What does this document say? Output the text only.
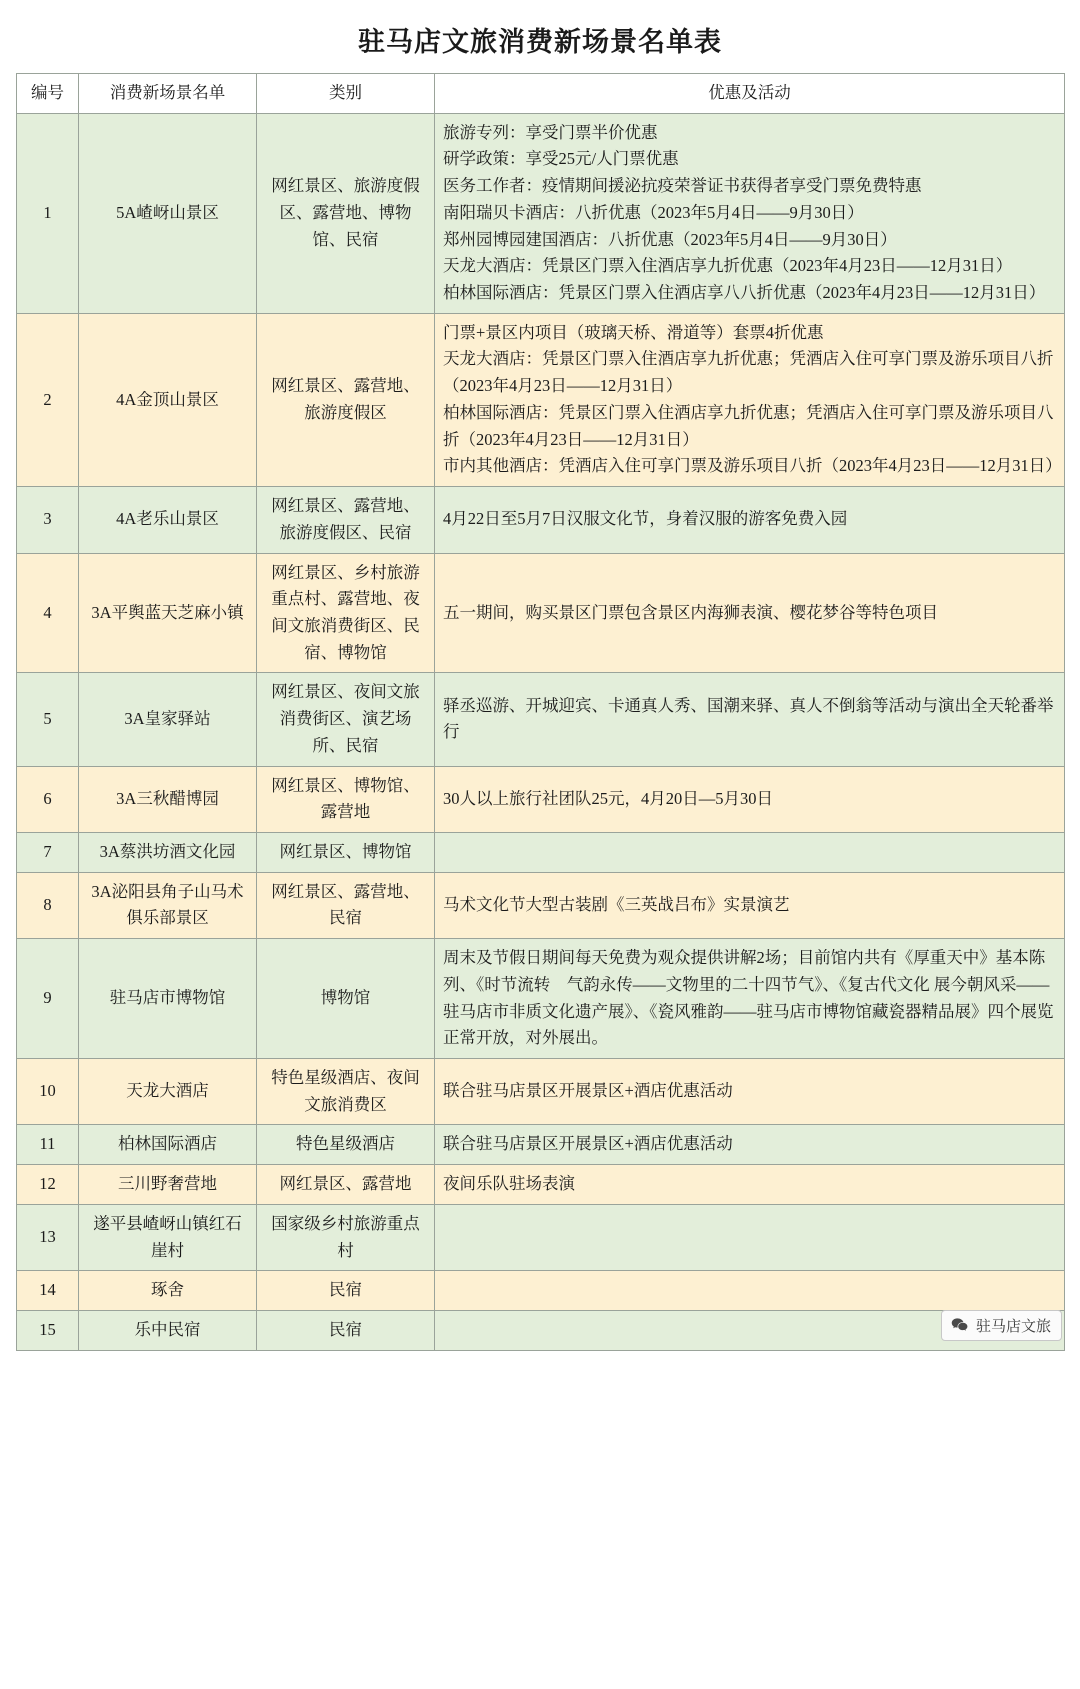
驻马店文旅消费新场景名单表
编号	消费新场景名单	类别	优惠及活动
1	5A嵖岈山景区	网红景区、旅游度假区、露营地、博物馆、民宿	
旅游专列：享受门票半价优惠
研学政策：享受25元/人门票优惠
医务工作者：疫情期间援泌抗疫荣誉证书获得者享受门票免费特惠
南阳瑞贝卡酒店：八折优惠（2023年5月4日——9月30日）
郑州园博园建国酒店：八折优惠（2023年5月4日——9月30日）
天龙大酒店：凭景区门票入住酒店享九折优惠（2023年4月23日——12月31日）
柏林国际酒店：凭景区门票入住酒店享八八折优惠（2023年4月23日——12月31日）

2	4A金顶山景区	网红景区、露营地、旅游度假区	门票+景区内项目（玻璃天桥、滑道等）套票4折优惠
天龙大酒店：凭景区门票入住酒店享九折优惠；凭酒店入住可享门票及游乐项目八折（2023年4月23日——12月31日）
柏林国际酒店：凭景区门票入住酒店享九折优惠；凭酒店入住可享门票及游乐项目八折（2023年4月23日——12月31日）
市内其他酒店：凭酒店入住可享门票及游乐项目八折（2023年4月23日——12月31日）

3	4A老乐山景区	网红景区、露营地、旅游度假区、民宿	4月22日至5月7日汉服文化节，身着汉服的游客免费入园

4	3A平舆蓝天芝麻小镇	网红景区、乡村旅游重点村、露营地、夜间文旅消费街区、民宿、博物馆	五一期间，购买景区门票包含景区内海狮表演、樱花梦谷等特色项目

5	3A皇家驿站	网红景区、夜间文旅消费街区、演艺场所、民宿	驿丞巡游、开城迎宾、卡通真人秀、国潮来驿、真人不倒翁等活动与演出全天轮番举行

6	3A三秋醋博园	网红景区、博物馆、露营地	30人以上旅行社团队25元，4月20日—5月30日

7	3A蔡洪坊酒文化园	网红景区、博物馆	

8	3A泌阳县角子山马术俱乐部景区	网红景区、露营地、民宿	马术文化节大型古装剧《三英战吕布》实景演艺

9	驻马店市博物馆	博物馆	周末及节假日期间每天免费为观众提供讲解2场；目前馆内共有《厚重天中》基本陈列、《时节流转　气韵永传——文物里的二十四节气》、《复古代文化 展今朝风采——驻马店市非质文化遗产展》、《瓷风雅韵——驻马店市博物馆藏瓷器精品展》四个展览正常开放，对外展出。

10	天龙大酒店	特色星级酒店、夜间文旅消费区	联合驻马店景区开展景区+酒店优惠活动

11	柏林国际酒店	特色星级酒店	联合驻马店景区开展景区+酒店优惠活动

12	三川野奢营地	网红景区、露营地	夜间乐队驻场表演

13	遂平县嵖岈山镇红石崖村	国家级乡村旅游重点村	

14	琢舍	民宿	

15	乐中民宿	民宿		驻马店文旅
